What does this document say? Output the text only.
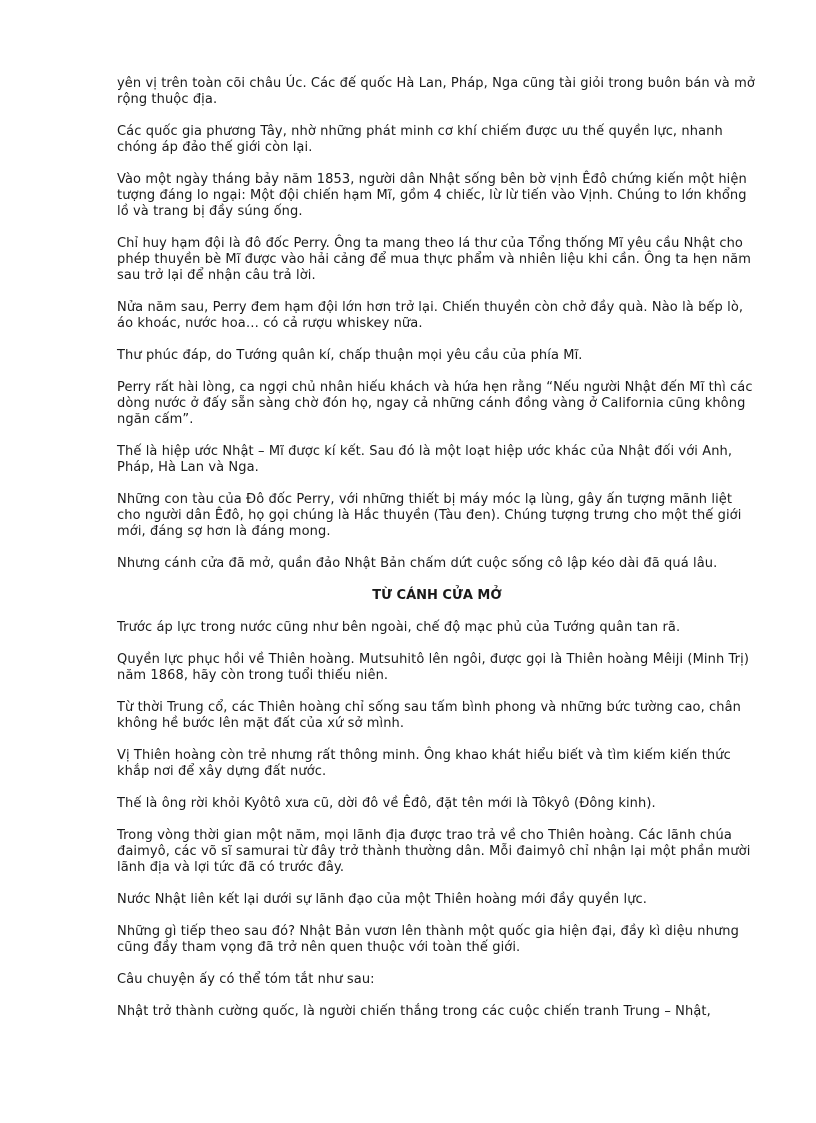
yên vị trên toàn cõi châu Úc. Các đế quốc Hà Lan, Pháp, Nga cũng tài giỏi trong buôn bán và mở rộng thuộc địa.

Các quốc gia phương Tây, nhờ những phát minh cơ khí chiếm được ưu thế quyền lực, nhanh chóng áp đảo thế giới còn lại.

Vào một ngày tháng bảy năm 1853, người dân Nhật sống bên bờ vịnh Êđô chứng kiến một hiện tượng đáng lo ngại: Một đội chiến hạm Mĩ, gồm 4 chiếc, lừ lừ tiến vào Vịnh. Chúng to lớn khổng lồ và trang bị đầy súng ống.

Chỉ huy hạm đội là đô đốc Perry. Ông ta mang theo lá thư của Tổng thống Mĩ yêu cầu Nhật cho phép thuyền bè Mĩ được vào hải cảng để mua thực phẩm và nhiên liệu khi cần. Ông ta hẹn năm sau trở lại để nhận câu trả lời.

Nửa năm sau, Perry đem hạm đội lớn hơn trở lại. Chiến thuyền còn chở đầy quà. Nào là bếp lò, áo khoác, nước hoa… có cả rượu whiskey nữa.

Thư phúc đáp, do Tướng quân kí, chấp thuận mọi yêu cầu của phía Mĩ.

Perry rất hài lòng, ca ngợi chủ nhân hiếu khách và hứa hẹn rằng “Nếu người Nhật đến Mĩ thì các dòng nước ở đấy sẵn sàng chờ đón họ, ngay cả những cánh đồng vàng ở California cũng không ngăn cấm”.

Thế là hiệp ước Nhật – Mĩ được kí kết. Sau đó là một loạt hiệp ước khác của Nhật đối với Anh, Pháp, Hà Lan và Nga.

Những con tàu của Đô đốc Perry, với những thiết bị máy móc lạ lùng, gây ấn tượng mãnh liệt cho người dân Êđô, họ gọi chúng là Hắc thuyền (Tàu đen). Chúng tượng trưng cho một thế giới mới, đáng sợ hơn là đáng mong.

Nhưng cánh cửa đã mở, quần đảo Nhật Bản chấm dứt cuộc sống cô lập kéo dài đã quá lâu.

TỪ CÁNH CỬA MỞ

Trước áp lực trong nước cũng như bên ngoài, chế độ mạc phủ của Tướng quân tan rã.

Quyền lực phục hồi về Thiên hoàng. Mutsuhitô lên ngôi, được gọi là Thiên hoàng Mêiji (Minh Trị) năm 1868, hãy còn trong tuổi thiếu niên.

Từ thời Trung cổ, các Thiên hoàng chỉ sống sau tấm bình phong và những bức tường cao, chân không hề bước lên mặt đất của xứ sở mình.

Vị Thiên hoàng còn trẻ nhưng rất thông minh. Ông khao khát hiểu biết và tìm kiếm kiến thức khắp nơi để xây dựng đất nước.

Thế là ông rời khỏi Kyôtô xưa cũ, dời đô về Êđô, đặt tên mới là Tôkyô (Đông kinh).

Trong vòng thời gian một năm, mọi lãnh địa được trao trả về cho Thiên hoàng. Các lãnh chúa đaimyô, các võ sĩ samurai từ đây trở thành thường dân. Mỗi đaimyô chỉ nhận lại một phần mười lãnh địa và lợi tức đã có trước đây.

Nước Nhật liên kết lại dưới sự lãnh đạo của một Thiên hoàng mới đầy quyền lực.

Những gì tiếp theo sau đó? Nhật Bản vươn lên thành một quốc gia hiện đại, đầy kì diệu nhưng cũng đầy tham vọng đã trở nên quen thuộc với toàn thế giới.

Câu chuyện ấy có thể tóm tắt như sau:

Nhật trở thành cường quốc, là người chiến thắng trong các cuộc chiến tranh Trung – Nhật,
